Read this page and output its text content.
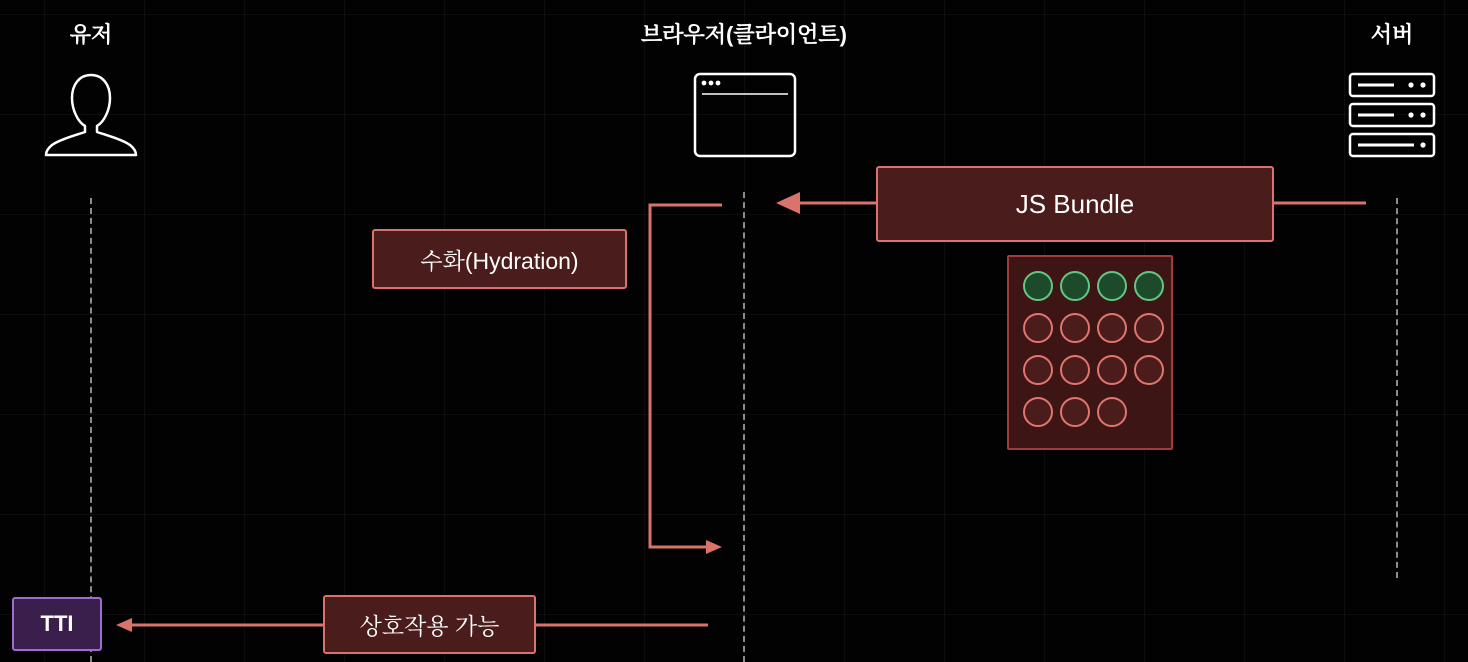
유저	브라우저(클라이언트)	서버
JS Bundle
수화(Hydration)
상호작용 가능
TTI
